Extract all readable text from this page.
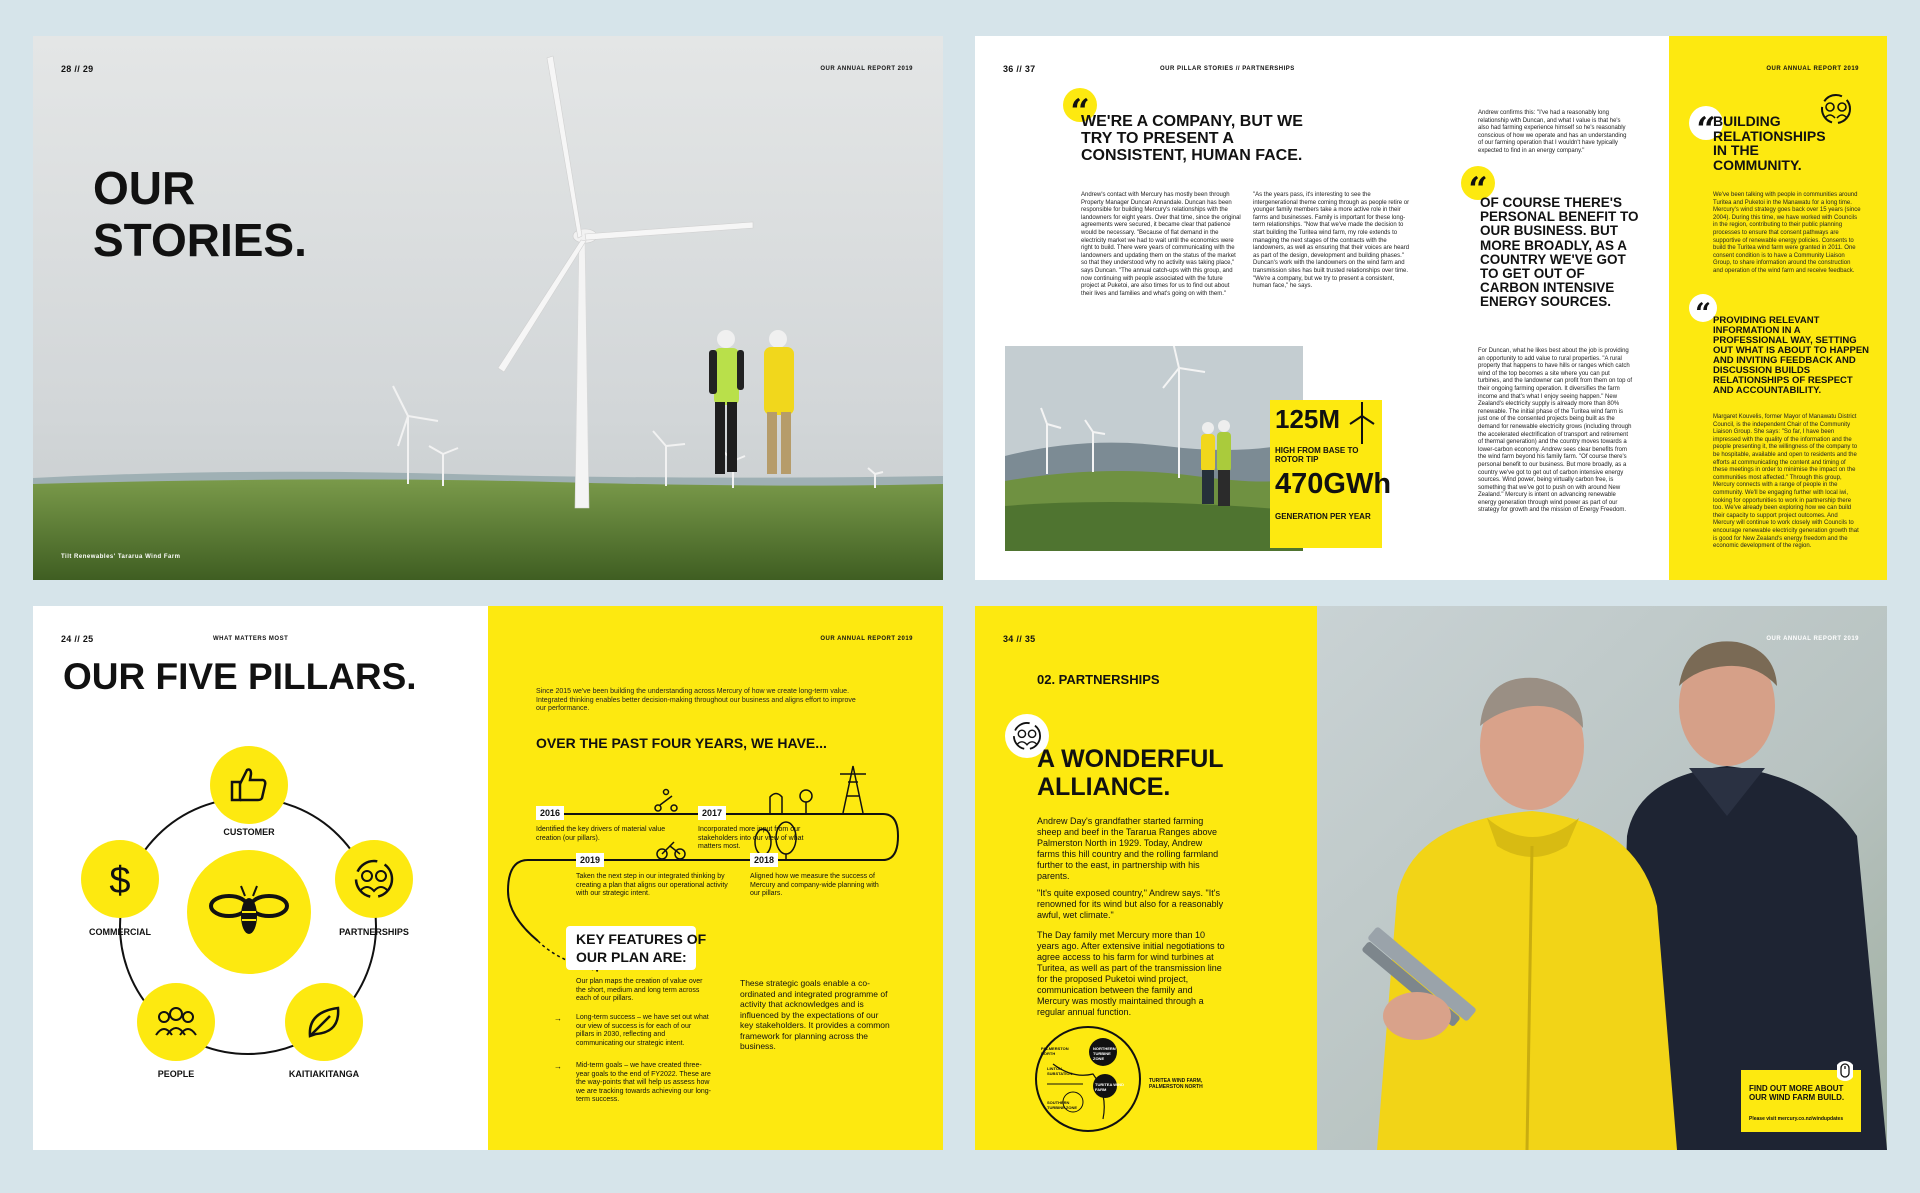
28 // 29	OUR ANNUAL REPORT 2019
OUR
STORIES.
Tilt Renewables' Tararua Wind Farm
36 // 37	OUR PILLAR STORIES // PARTNERSHIPS
“
WE'RE A COMPANY, BUT WE TRY TO PRESENT A CONSISTENT, HUMAN FACE.
Andrew's contact with Mercury has mostly been through Property Manager Duncan Annandale. Duncan has been responsible for building Mercury's relationships with the landowners for eight years. Over that time, since the original agreements were secured, it became clear that patience would be necessary. "Because of flat demand in the electricity market we had to wait until the economics were right to build. There were years of communicating with the landowners and updating them on the status of the market so that they understood why no activity was taking place," says Duncan. "The annual catch-ups with this group, and now continuing with people associated with the future project at Puketoi, are also times for us to find out about their lives and families and what's going on with them."
"As the years pass, it's interesting to see the intergenerational theme coming through as people retire or younger family members take a more active role in their farms and businesses. Family is important for these long-term relationships. "Now that we've made the decision to start building the Turitea wind farm, my role extends to managing the next stages of the contracts with the landowners, as well as ensuring that their voices are heard as part of the design, development and building phases." Duncan's work with the landowners on the wind farm and transmission sites has built trusted relationships over time. "We're a company, but we try to present a consistent, human face," he says.
Andrew confirms this: "I've had a reasonably long relationship with Duncan, and what I value is that he's also had farming experience himself so he's reasonably conscious of how we operate and has an understanding of our farming operation that I wouldn't have typically expected to find in an energy company."
“
OF COURSE THERE'S PERSONAL BENEFIT TO OUR BUSINESS. BUT MORE BROADLY, AS A COUNTRY WE'VE GOT TO GET OUT OF CARBON INTENSIVE ENERGY SOURCES.
For Duncan, what he likes best about the job is providing an opportunity to add value to rural properties. "A rural property that happens to have hills or ranges which catch wind of the top becomes a site where you can put turbines, and the landowner can profit from them on top of their ongoing farming operation. It diversifies the farm income and that's what I enjoy seeing happen." New Zealand's electricity supply is already more than 80% renewable. The initial phase of the Turitea wind farm is just one of the consented projects being built as the demand for renewable electricity grows (including through the accelerated electrification of transport and retirement of thermal generation) and the country moves towards a lower-carbon economy. Andrew sees clear benefits from the wind farm beyond his family farm. "Of course there's personal benefit to our business. But more broadly, as a country we've got to get out of carbon intensive energy sources. Wind power, being virtually carbon free, is something that we've got to push on with around New Zealand." Mercury is intent on advancing renewable energy generation through wind power as part of our strategy for growth and the mission of Energy Freedom.
125M
HIGH FROM BASE TO ROTOR TIP
470GWh
GENERATION PER YEAR
OUR ANNUAL REPORT 2019
“
BUILDING RELATIONSHIPS IN THE COMMUNITY.
We've been talking with people in communities around Turitea and Puketoi in the Manawatu for a long time. Mercury's wind strategy goes back over 15 years (since 2004). During this time, we have worked with Councils in the region, contributing to their public planning processes to ensure that consent pathways are supportive of renewable energy policies. Consents to build the Turitea wind farm were granted in 2011. One consent condition is to have a Community Liaison Group, to share information around the construction and operation of the wind farm and receive feedback.
“ PROVIDING RELEVANT INFORMATION IN A PROFESSIONAL WAY, SETTING OUT WHAT IS ABOUT TO HAPPEN AND INVITING FEEDBACK AND DISCUSSION BUILDS RELATIONSHIPS OF RESPECT AND ACCOUNTABILITY.
Margaret Kouvelis, former Mayor of Manawatu District Council, is the independent Chair of the Community Liaison Group. She says: "So far, I have been impressed with the quality of the information and the people presenting it, the willingness of the company to be hospitable, available and open to residents and the efforts at communicating the content and timing of these meetings in order to minimise the impact on the communities most affected." Through this group, Mercury connects with a range of people in the community. We'll be engaging further with local iwi, looking for opportunities to work in partnership there too. We've already been exploring how we can build their capacity to support project outcomes. And Mercury will continue to work closely with Councils to encourage renewable electricity generation growth that is good for New Zealand's energy freedom and the economic development of the region.
24 // 25	WHAT MATTERS MOST
OUR FIVE PILLARS.
CUSTOMER
PARTNERSHIPS
KAITIAKITANGA
PEOPLE
$
COMMERCIAL
OUR ANNUAL REPORT 2019
Since 2015 we've been building the understanding across Mercury of how we create long-term value. Integrated thinking enables better decision-making throughout our business and aligns effort to improve our performance.
OVER THE PAST FOUR YEARS, WE HAVE...
2016
Identified the key drivers of material value creation (our pillars).
2017
Incorporated more input from our stakeholders into our view of what matters most.
2019
Taken the next step in our integrated thinking by creating a plan that aligns our operational activity with our strategic intent.
2018
Aligned how we measure the success of Mercury and company-wide planning with our pillars.
KEY FEATURES OF
OUR PLAN ARE:
Our plan maps the creation of value over the short, medium and long term across each of our pillars.
→ Long-term success – we have set out what our view of success is for each of our pillars in 2030, reflecting and communicating our strategic intent.
→ Mid-term goals – we have created three-year goals to the end of FY2022. These are the way-points that will help us assess how we are tracking towards achieving our long-term success.
These strategic goals enable a co-ordinated and integrated programme of activity that acknowledges and is influenced by the expectations of our key stakeholders. It provides a common framework for planning across the business.
34 // 35
02. PARTNERSHIPS
A WONDERFUL
ALLIANCE.
Andrew Day's grandfather started farming sheep and beef in the Tararua Ranges above Palmerston North in 1929. Today, Andrew farms this hill country and the rolling farmland further to the east, in partnership with his parents.
"It's quite exposed country," Andrew says. "It's renowned for its wind but also for a reasonably awful, wet climate."
The Day family met Mercury more than 10 years ago. After extensive initial negotiations to agree access to his farm for wind turbines at Turitea, as well as part of the transmission line for the proposed Puketoi wind project, communication between the family and Mercury was mostly maintained through a regular annual function.
PALMERSTON NORTH
LINTON SUBSTATION
TURITEA WIND FARM
SOUTHERN TURBINE ZONE
NORTHERN TURBINE ZONE
TURITEA WIND FARM, PALMERSTON NORTH	FIND OUT MORE ABOUT OUR WIND FARM BUILD.
Please visit mercury.co.nz/windupdates
OUR ANNUAL REPORT 2019
